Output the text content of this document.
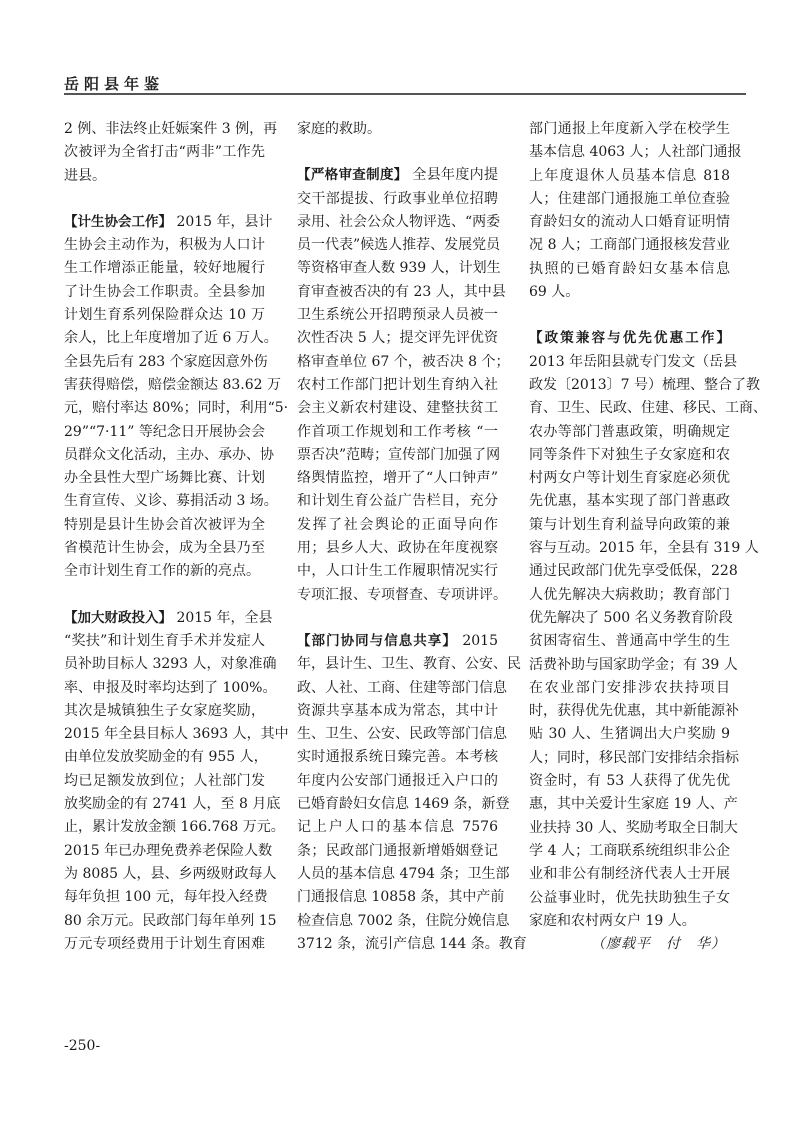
岳阳县年鉴
2 例、非法终止妊娠案件 3 例，再
次被评为全省打击“两非”工作先
进县。
【计生协会工作】 2015 年，县计
生协会主动作为，积极为人口计
生工作增添正能量，较好地履行
了计生协会工作职责。全县参加
计划生育系列保险群众达 10 万
余人，比上年度增加了近 6 万人。
全县先后有 283 个家庭因意外伤
害获得赔偿，赔偿金额达 83.62 万
元，赔付率达 80%；同时，利用“5·
29”“7·11” 等纪念日开展协会会
员群众文化活动，主办、承办、协
办全县性大型广场舞比赛、计划
生育宣传、义诊、募捐活动 3 场。
特别是县计生协会首次被评为全
省模范计生协会，成为全县乃至
全市计划生育工作的新的亮点。
【加大财政投入】 2015 年，全县
“奖扶”和计划生育手术并发症人
员补助目标人 3293 人，对象准确
率、申报及时率均达到了 100%。
其次是城镇独生子女家庭奖励，
2015 年全县目标人 3693 人，其中
由单位发放奖励金的有 955 人，
均已足额发放到位；人社部门发
放奖励金的有 2741 人，至 8 月底
止，累计发放金额 166.768 万元。
2015 年已办理免费养老保险人数
为 8085 人，县、乡两级财政每人
每年负担 100 元，每年投入经费
80 余万元。民政部门每年单列 15
万元专项经费用于计划生育困难
家庭的救助。
【严格审查制度】 全县年度内提
交干部提拔、行政事业单位招聘
录用、社会公众人物评选、“两委
员一代表”候选人推荐、发展党员
等资格审查人数 939 人，计划生
育审查被否决的有 23 人，其中县
卫生系统公开招聘预录人员被一
次性否决 5 人；提交评先评优资
格审查单位 67 个，被否决 8 个；
农村工作部门把计划生育纳入社
会主义新农村建设、建整扶贫工
作首项工作规划和工作考核 “一
票否决”范畴；宣传部门加强了网
络舆情监控，增开了“人口钟声”
和计划生育公益广告栏目，充分
发挥了社会舆论的正面导向作
用；县乡人大、政协在年度视察
中，人口计生工作履职情况实行
专项汇报、专项督查、专项讲评。
【部门协同与信息共享】 2015
年，县计生、卫生、教育、公安、民
政、人社、工商、住建等部门信息
资源共享基本成为常态，其中计
生、卫生、公安、民政等部门信息
实时通报系统日臻完善。本考核
年度内公安部门通报迁入户口的
已婚育龄妇女信息 1469 条，新登
记上户人口的基本信息 7576
条；民政部门通报新增婚姻登记
人员的基本信息 4794 条；卫生部
门通报信息 10858 条，其中产前
检查信息 7002 条，住院分娩信息
3712 条，流引产信息 144 条。教育
部门通报上年度新入学在校学生
基本信息 4063 人；人社部门通报
上年度退休人员基本信息 818
人；住建部门通报施工单位查验
育龄妇女的流动人口婚育证明情
况 8 人；工商部门通报核发营业
执照的已婚育龄妇女基本信息
69 人。
【政策兼容与优先优惠工作】
2013 年岳阳县就专门发文（岳县
政发〔2013〕7 号）梳理、整合了教
育、卫生、民政、住建、移民、工商、
农办等部门普惠政策，明确规定
同等条件下对独生子女家庭和农
村两女户等计划生育家庭必须优
先优惠，基本实现了部门普惠政
策与计划生育利益导向政策的兼
容与互动。2015 年，全县有 319 人
通过民政部门优先享受低保，228
人优先解决大病救助；教育部门
优先解决了 500 名义务教育阶段
贫困寄宿生、普通高中学生的生
活费补助与国家助学金；有 39 人
在农业部门安排涉农扶持项目
时，获得优先优惠，其中新能源补
贴 30 人、生猪调出大户奖励 9
人；同时，移民部门安排结余指标
资金时，有 53 人获得了优先优
惠，其中关爱计生家庭 19 人、产
业扶持 30 人、奖励考取全日制大
学 4 人；工商联系统组织非公企
业和非公有制经济代表人士开展
公益事业时，优先扶助独生子女
家庭和农村两女户 19 人。
（廖载平　付　华）
-250-
